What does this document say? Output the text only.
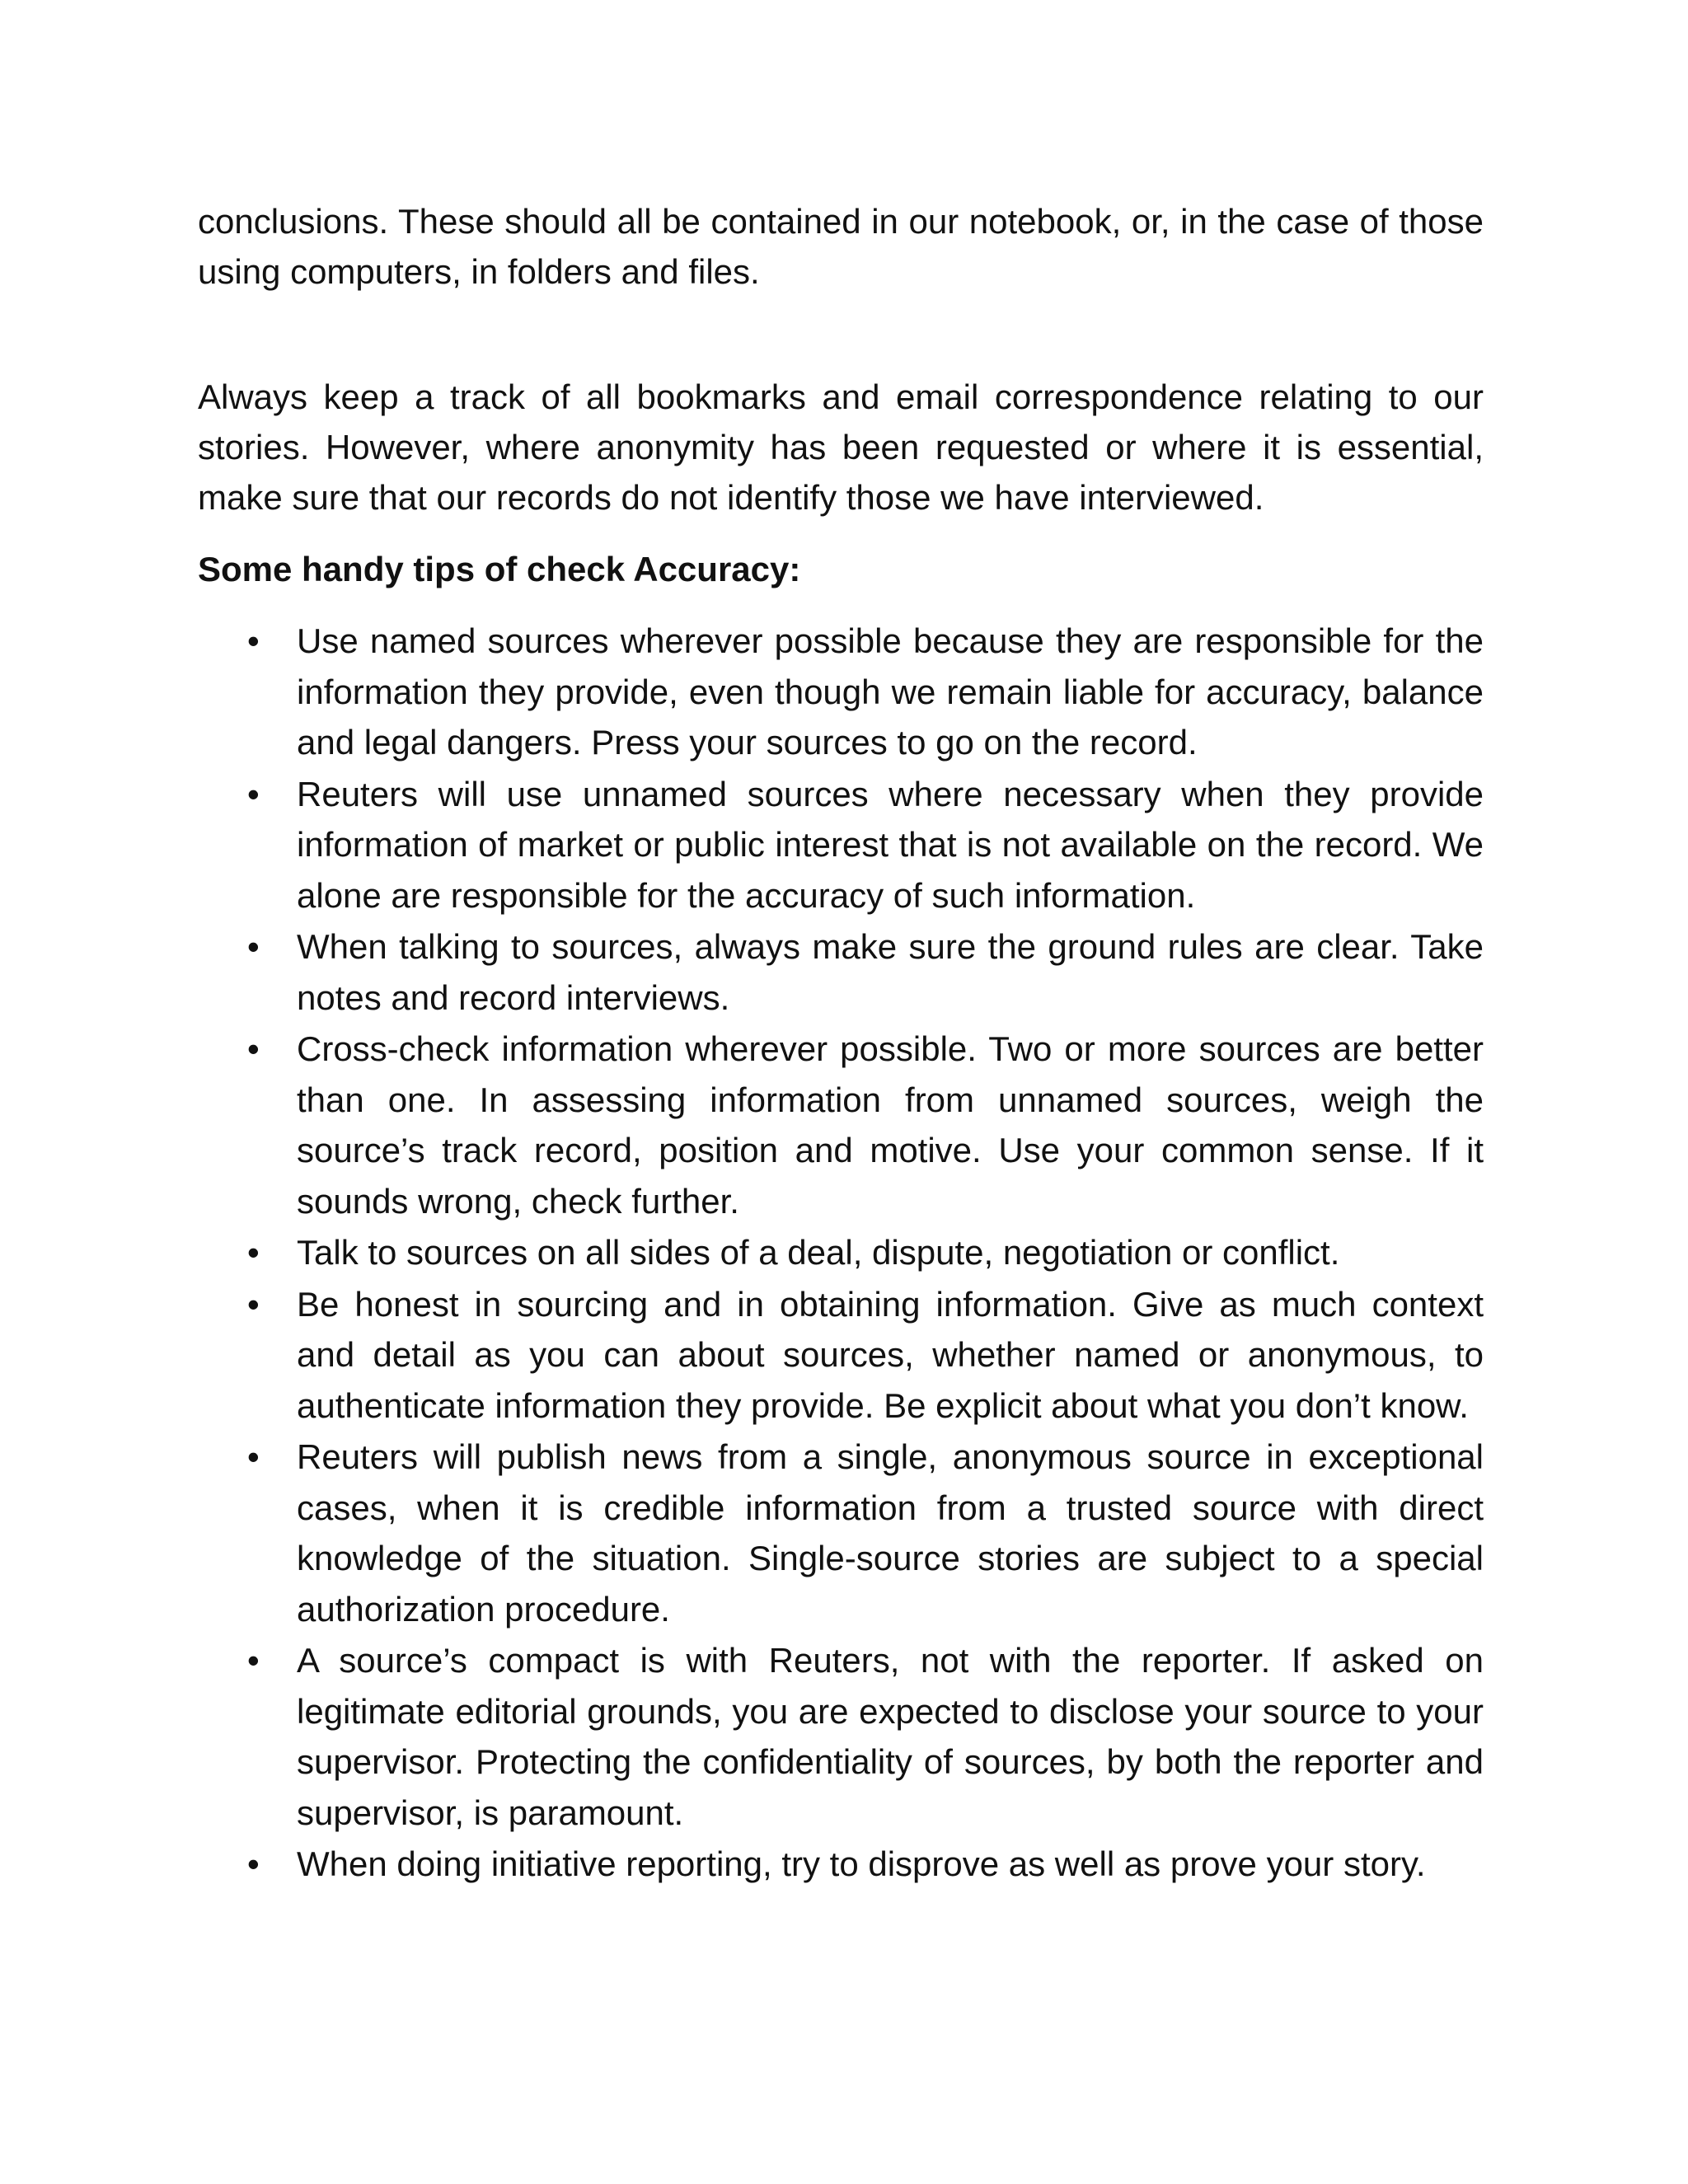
conclusions. These should all be contained in our notebook, or, in the case of those using computers, in folders and files.

Always keep a track of all bookmarks and email correspondence relating to our stories. However, where anonymity has been requested or where it is essential, make sure that our records do not identify those we have interviewed.

Some handy tips of check Accuracy:

•	Use named sources wherever possible because they are responsible for the information they provide, even though we remain liable for accuracy, balance and legal dangers. Press your sources to go on the record.
•	Reuters will use unnamed sources where necessary when they provide information of market or public interest that is not available on the record. We alone are responsible for the accuracy of such information.
•	When talking to sources, always make sure the ground rules are clear. Take notes and record interviews.
•	Cross-check information wherever possible. Two or more sources are better than one. In assessing information from unnamed sources, weigh the source’s track record, position and motive. Use your common sense. If it sounds wrong, check further.
•	Talk to sources on all sides of a deal, dispute, negotiation or conflict.
•	Be honest in sourcing and in obtaining information. Give as much context and detail as you can about sources, whether named or anonymous, to authenticate information they provide. Be explicit about what you don’t know.
•	Reuters will publish news from a single, anonymous source in exceptional cases, when it is credible information from a trusted source with direct knowledge of the situation. Single-source stories are subject to a special authorization procedure.
•	A source’s compact is with Reuters, not with the reporter. If asked on legitimate editorial grounds, you are expected to disclose your source to your supervisor. Protecting the confidentiality of sources, by both the reporter and supervisor, is paramount.
•	When doing initiative reporting, try to disprove as well as prove your story.
